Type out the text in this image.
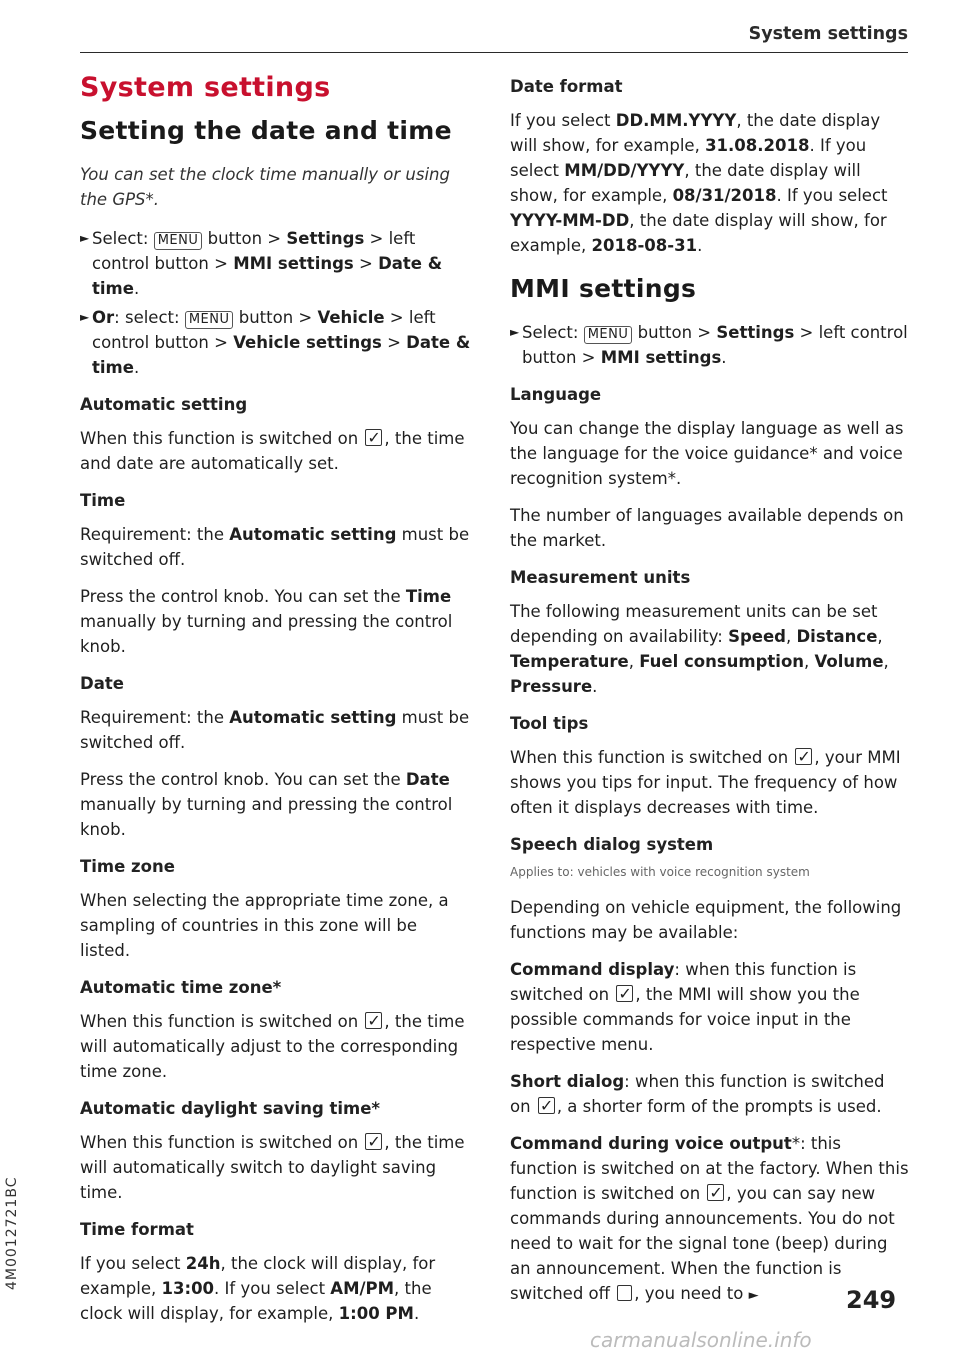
System settings
System settings
Setting the date and time

You can set the clock time manually or using the GPS*.

► Select: MENU button > Settings > left control button > MMI settings > Date & time.
► Or: select: MENU button > Vehicle > left control button > Vehicle settings > Date & time.
Automatic setting

When this function is switched on ✓, the time and date are automatically set.

Time

Requirement: the Automatic setting must be switched off.

Press the control knob. You can set the Time manually by turning and pressing the control knob.

Date

Requirement: the Automatic setting must be switched off.

Press the control knob. You can set the Date manually by turning and pressing the control knob.

Time zone

When selecting the appropriate time zone, a sampling of countries in this zone will be listed.

Automatic time zone*

When this function is switched on ✓, the time will automatically adjust to the corresponding time zone.

Automatic daylight saving time*

When this function is switched on ✓, the time will automatically switch to daylight saving time.

Time format

If you select 24h, the clock will display, for example, 13:00. If you select AM/PM, the clock will display, for example, 1:00 PM.

Date format

If you select DD.MM.YYYY, the date display will show, for example, 31.08.2018. If you select MM/DD/YYYY, the date display will show, for example, 08/31/2018. If you select YYYY-MM-DD, the date display will show, for example, 2018-08-31.

MMI settings
► Select: MENU button > Settings > left control button > MMI settings.
Language

You can change the display language as well as the language for the voice guidance* and voice recognition system*.

The number of languages available depends on the market.

Measurement units

The following measurement units can be set depending on availability: Speed, Distance, Temperature, Fuel consumption, Volume, Pressure.

Tool tips

When this function is switched on ✓, your MMI shows you tips for input. The frequency of how often it displays decreases with time.

Speech dialog system
Applies to: vehicles with voice recognition system

Depending on vehicle equipment, the following functions may be available:

Command display: when this function is switched on ✓, the MMI will show you the possible commands for voice input in the respective menu.

Short dialog: when this function is switched on ✓, a shorter form of the prompts is used.

Command during voice output*: this function is switched on at the factory. When this function is switched on ✓, you can say new commands during announcements. You do not need to wait for the signal tone (beep) during an announcement. When the function is switched off , you need to ►

4M0012721BC
249
carmanualsonline.info
